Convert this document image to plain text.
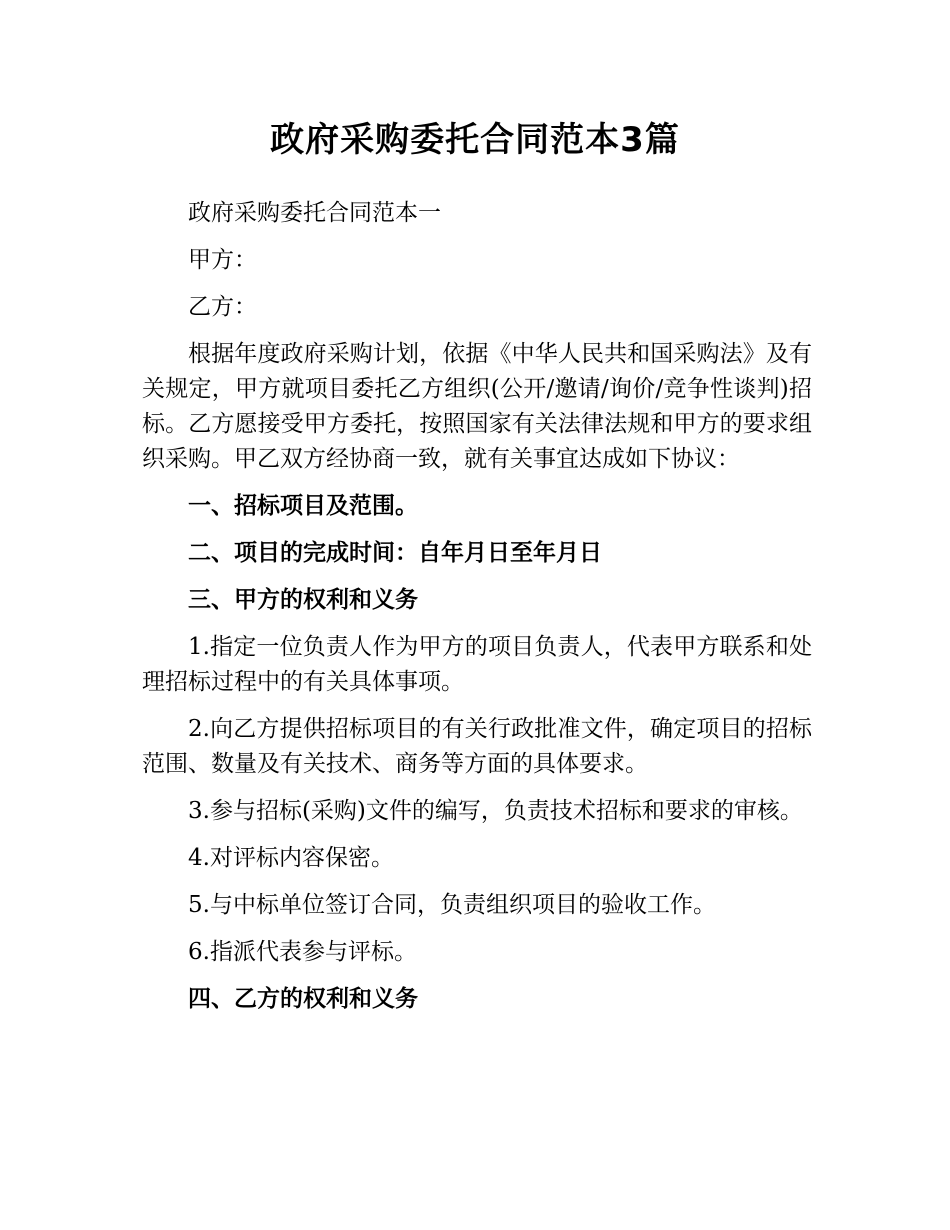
政府采购委托合同范本3篇

政府采购委托合同范本一

甲方：

乙方：

根据年度政府采购计划，依据《中华人民共和国采购法》及有关规定，甲方就项目委托乙方组织(公开/邀请/询价/竞争性谈判)招标。乙方愿接受甲方委托，按照国家有关法律法规和甲方的要求组织采购。甲乙双方经协商一致，就有关事宜达成如下协议：

一、招标项目及范围。

二、项目的完成时间：自年月日至年月日

三、甲方的权利和义务

1.指定一位负责人作为甲方的项目负责人，代表甲方联系和处理招标过程中的有关具体事项。

2.向乙方提供招标项目的有关行政批准文件，确定项目的招标范围、数量及有关技术、商务等方面的具体要求。

3.参与招标(采购)文件的编写，负责技术招标和要求的审核。

4.对评标内容保密。

5.与中标单位签订合同，负责组织项目的验收工作。

6.指派代表参与评标。

四、乙方的权利和义务
